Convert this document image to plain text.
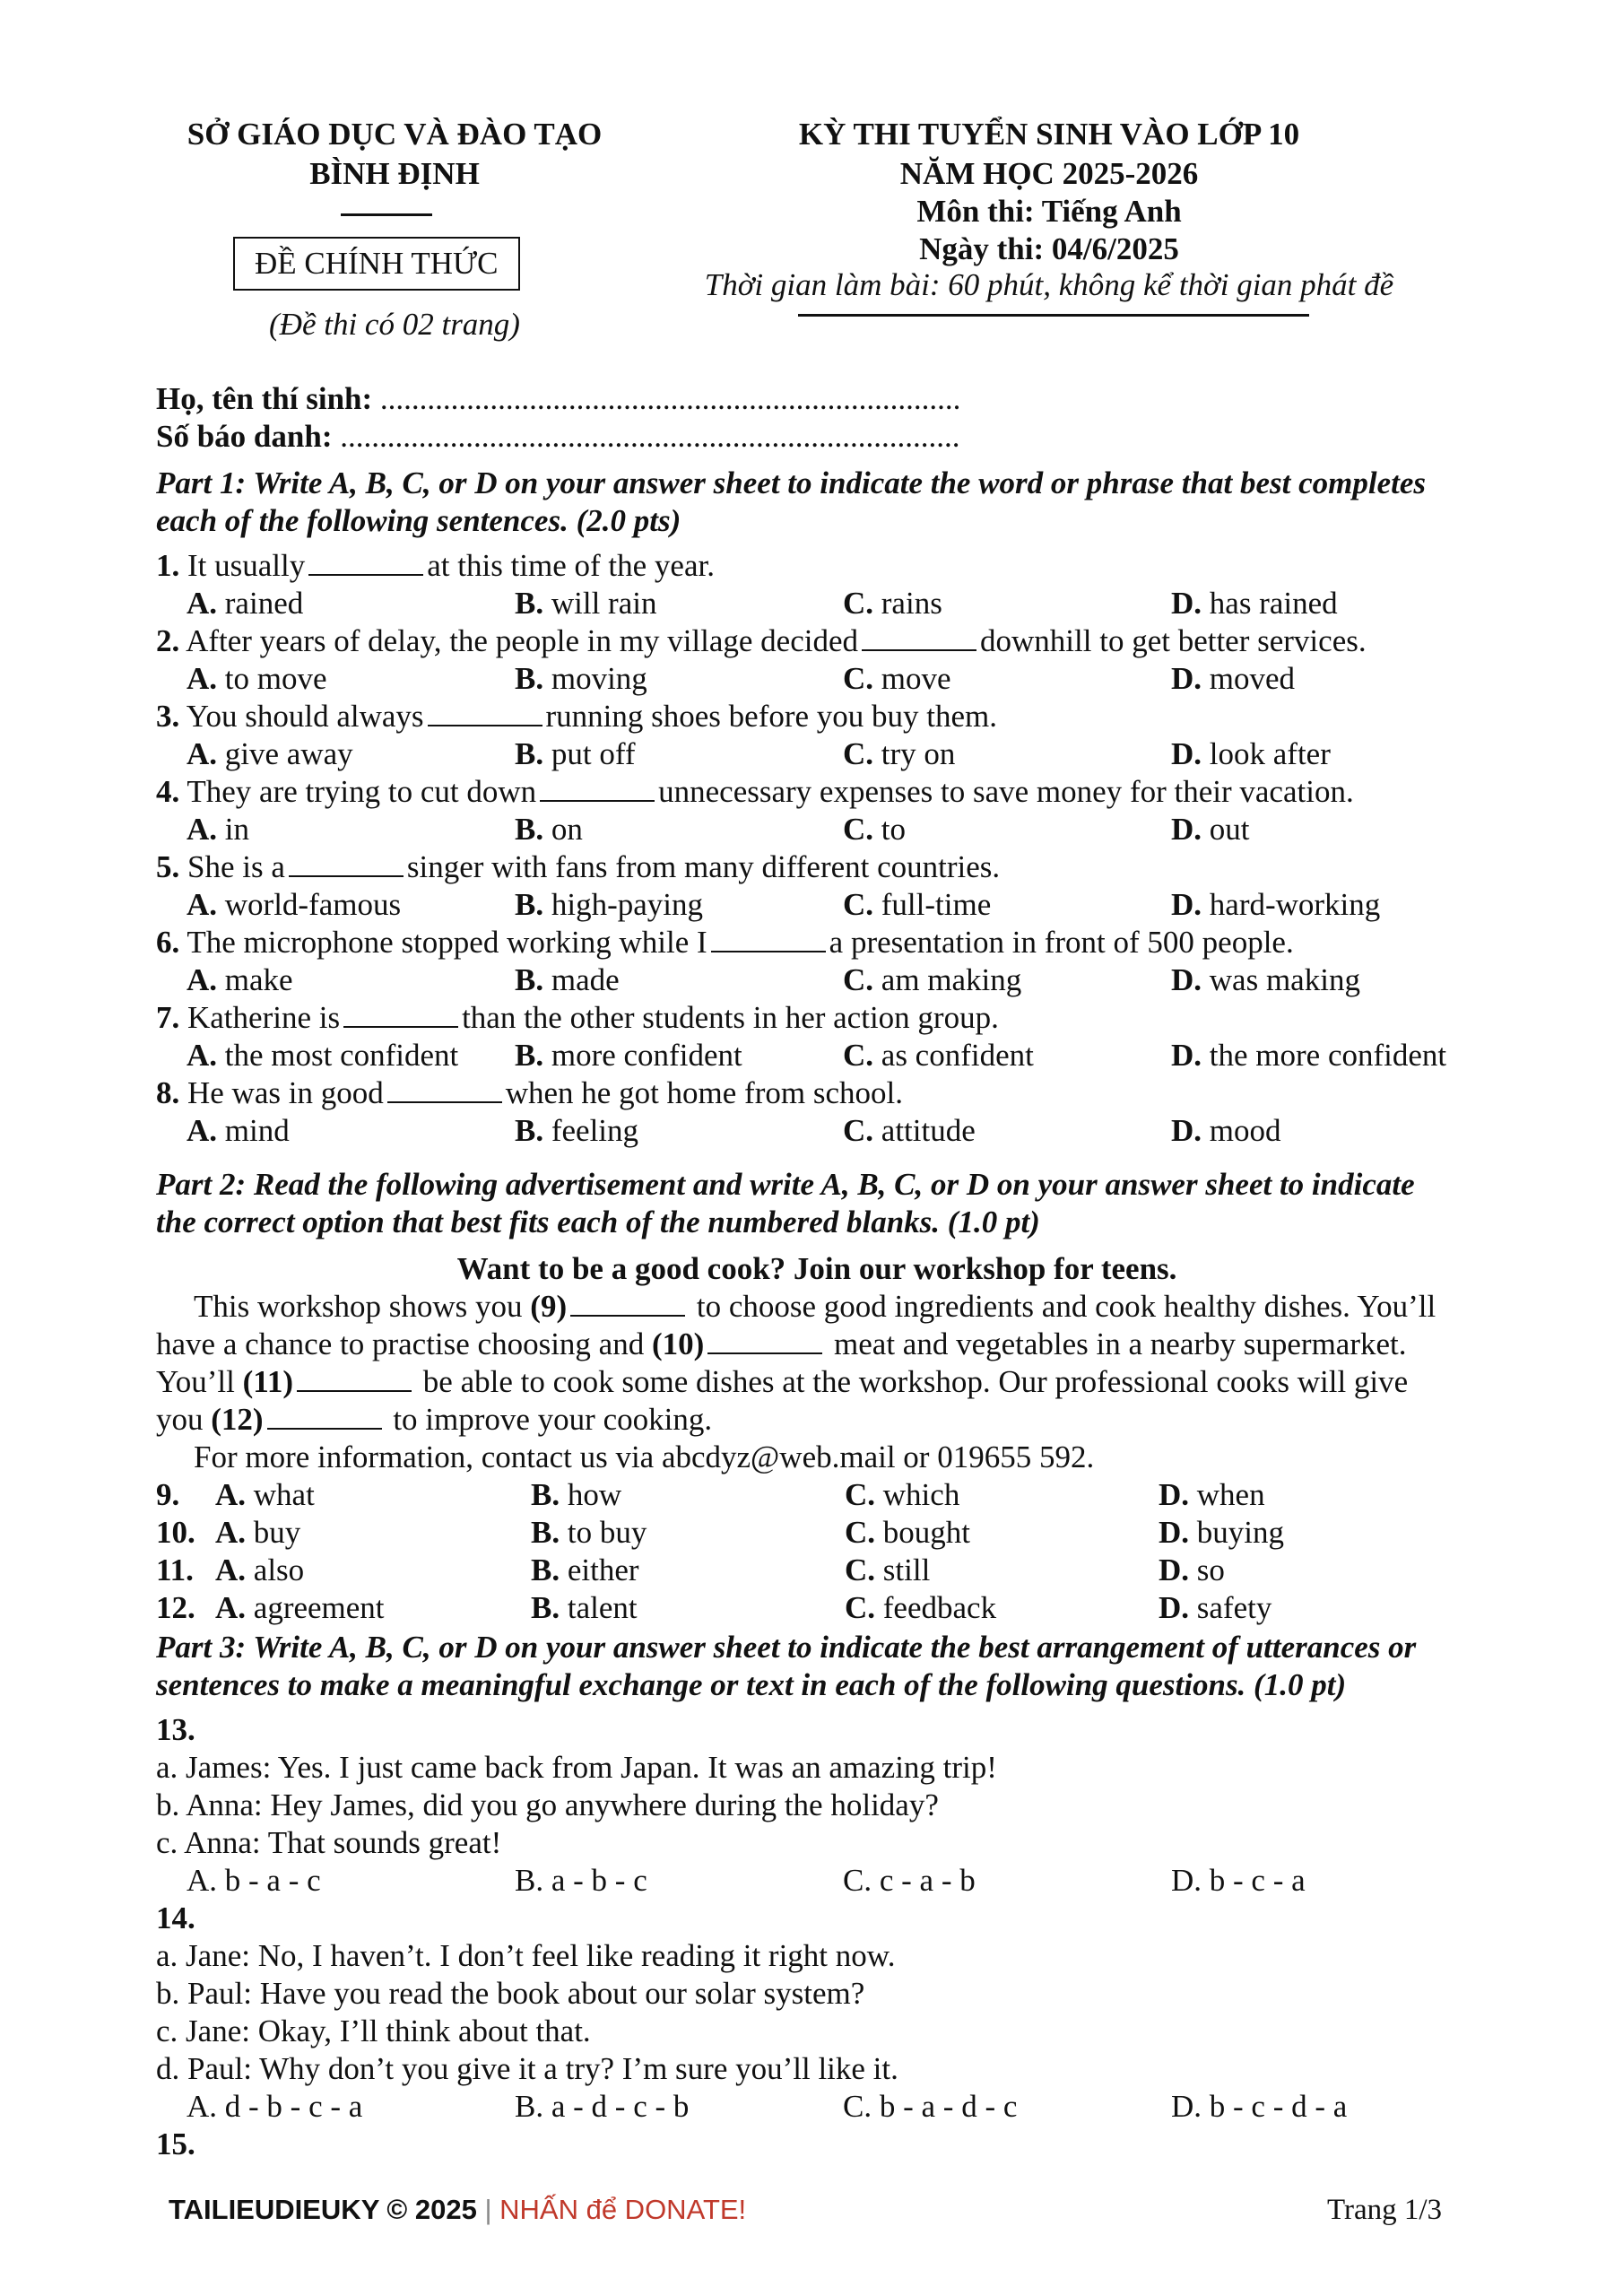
SỞ GIÁO DỤC VÀ ĐÀO TẠO
BÌNH ĐỊNH
ĐỀ CHÍNH THỨC
(Đề thi có 02 trang)
KỲ THI TUYỂN SINH VÀO LỚP 10
NĂM HỌC 2025-2026
Môn thi: Tiếng Anh
Ngày thi: 04/6/2025
Thời gian làm bài: 60 phút, không kể thời gian phát đề
Họ, tên thí sinh: ..........................................................................
Số báo danh: ...............................................................................
Part 1: Write A, B, C, or D on your answer sheet to indicate the word or phrase that best completes
each of the following sentences. (2.0 pts)
1. It usually	at this time of the year.
A. rained	B. will rain	C. rains	D. has rained
2. After years of delay, the people in my village decided	downhill to get better services.
A. to move	B. moving	C. move	D. moved
3. You should always	running shoes before you buy them.
A. give away	B. put off	C. try on	D. look after
4. They are trying to cut down	unnecessary expenses to save money for their vacation.
A. in	B. on	C. to	D. out
5. She is a	singer with fans from many different countries.
A. world-famous	B. high-paying	C. full-time	D. hard-working
6. The microphone stopped working while I	a presentation in front of 500 people.
A. make	B. made	C. am making	D. was making
7. Katherine is	than the other students in her action group.
A. the most confident B. more confident	C. as confident	D. the more confident
8. He was in good	when he got home from school.
A. mind	B. feeling	C. attitude	D. mood
Part 2: Read the following advertisement and write A, B, C, or D on your answer sheet to indicate
the correct option that best fits each of the numbered blanks. (1.0 pt)
Want to be a good cook? Join our workshop for teens.
This workshop shows you (9)	to choose good ingredients and cook healthy dishes. You’ll
have a chance to practise choosing and (10)	meat and vegetables in a nearby supermarket.
You’ll (11)	be able to cook some dishes at the workshop. Our professional cooks will give
you (12)	to improve your cooking.
For more information, contact us via abcdyz@web.mail or 019655 592.
9. A. what	B. how	C. which	D. when
10. A. buy	B. to buy	C. bought	D. buying
11. A. also	B. either	C. still	D. so
12. A. agreement	B. talent	C. feedback	D. safety
Part 3: Write A, B, C, or D on your answer sheet to indicate the best arrangement of utterances or
sentences to make a meaningful exchange or text in each of the following questions. (1.0 pt)
13.
a. James: Yes. I just came back from Japan. It was an amazing trip!
b. Anna: Hey James, did you go anywhere during the holiday?
c. Anna: That sounds great!
A. b - a - c	B. a - b - c	C. c - a - b	D. b - c - a
14.
a. Jane: No, I haven’t. I don’t feel like reading it right now.
b. Paul: Have you read the book about our solar system?
c. Jane: Okay, I’ll think about that.
d. Paul: Why don’t you give it a try? I’m sure you’ll like it.
A. d - b - c - a	B. a - d - c - b	C. b - a - d - c	D. b - c - d - a
15.
TAILIEUDIEUKY © 2025 | NHẤN để DONATE!	Trang 1/3
